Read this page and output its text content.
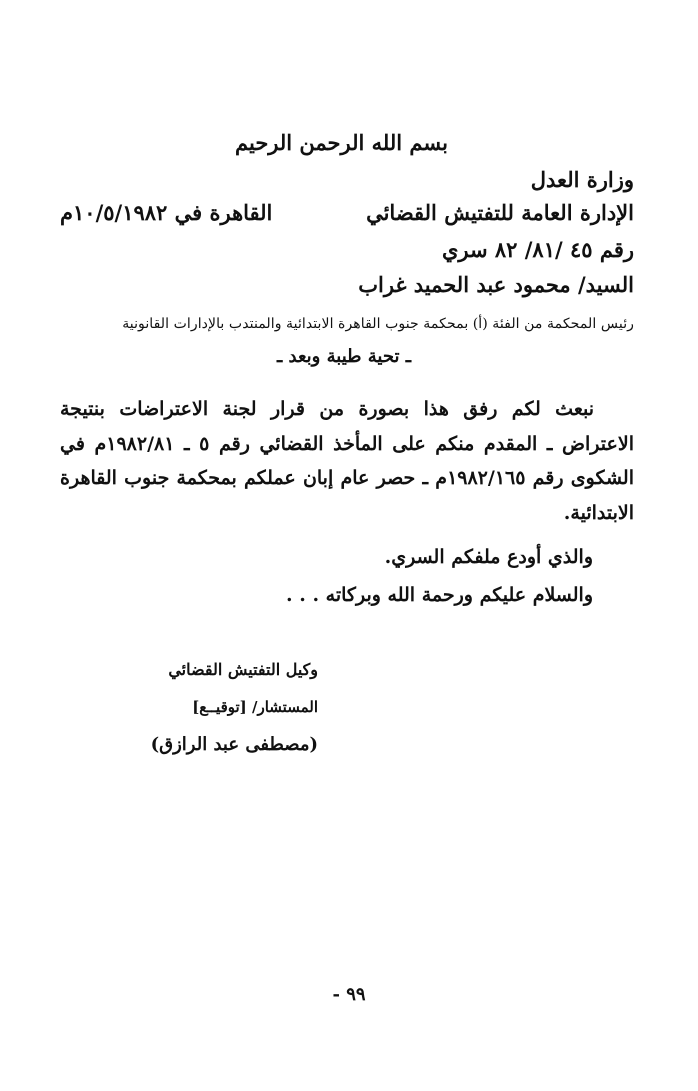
بسم الله الرحمن الرحيم

وزارة العدل

الإدارة العامة للتفتيش القضائي
القاهرة في ١٠/٥/١٩٨٢م

رقم ٤٥ /٨١/ ٨٢ سري

السيد/ محمود عبد الحميد غراب

رئيس المحكمة من الفئة (أ) بمحكمة جنوب القاهرة الابتدائية والمنتدب بالإدارات القانونية

ـ تحية طيبة وبعد ـ

نبعث لكم رفق هذا بصورة من قرار لجنة الاعتراضات بنتيجة الاعتراض ـ المقدم منكم على المأخذ القضائي رقم ٥ ـ ١٩٨٢/٨١م في الشكوى رقم ١٩٨٢/١٦٥م ـ حصر عام إبان عملكم بمحكمة جنوب القاهرة الابتدائية.

والذي أودع ملفكم السري.

والسلام عليكم ورحمة الله وبركاته . . .

وكيل التفتيش القضائي

المستشار/ [توقيــع]

(مصطفى عبد الرازق)

- ٩٩
